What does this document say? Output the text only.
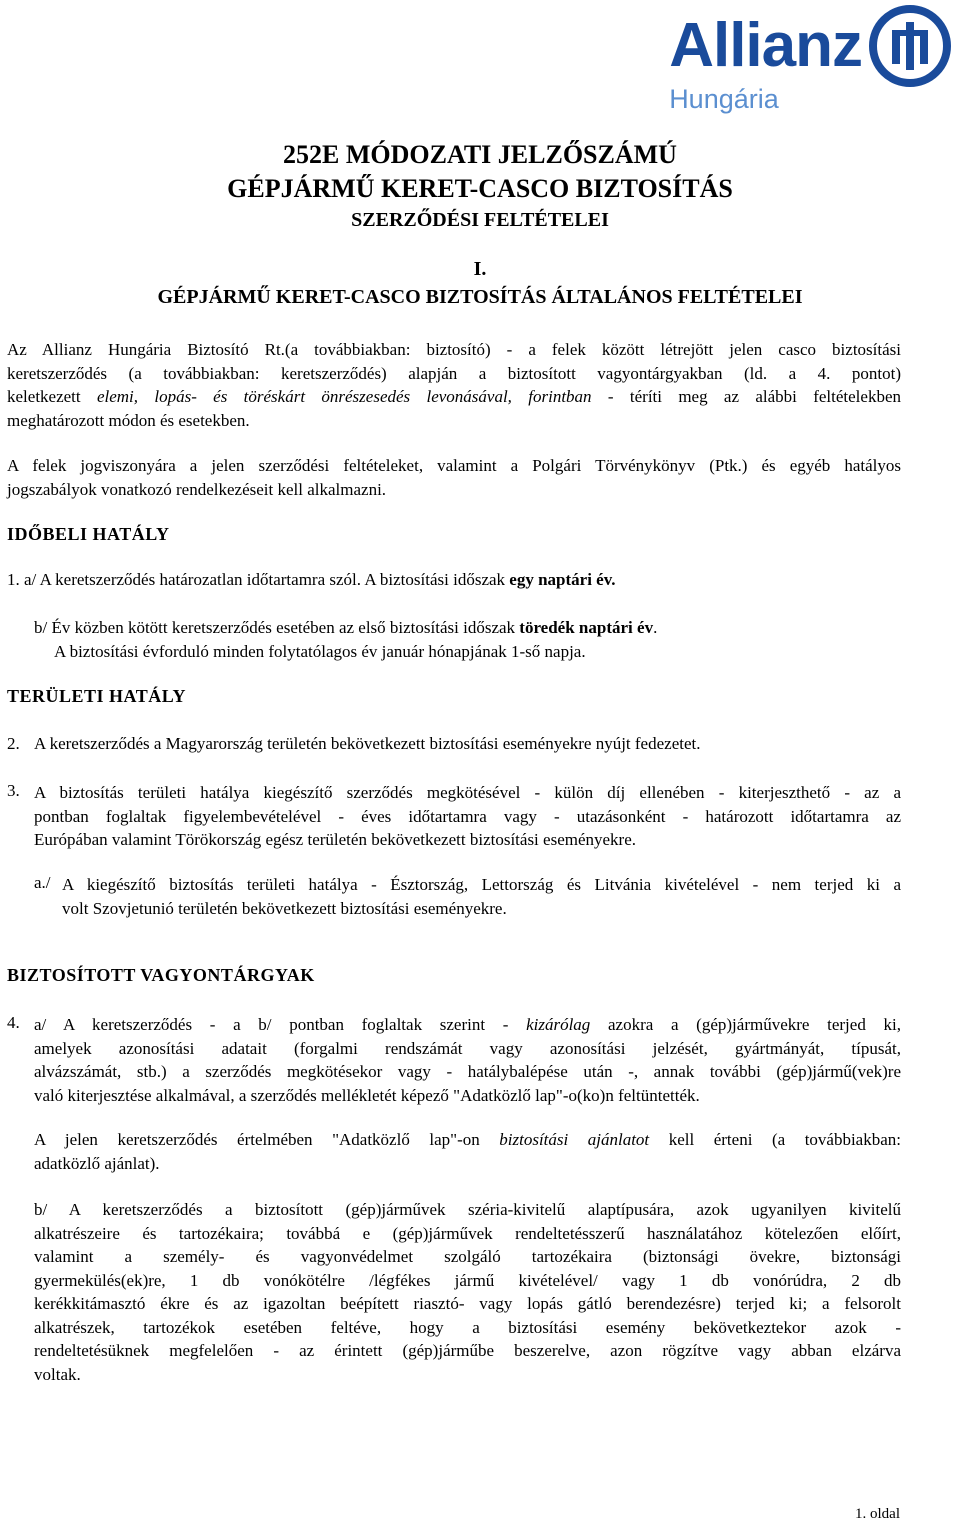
Allianz
Hungária
252E MÓDOZATI JELZŐSZÁMÚ
GÉPJÁRMŰ KERET-CASCO BIZTOSÍTÁS
SZERZŐDÉSI FELTÉTELEI
I.
GÉPJÁRMŰ KERET-CASCO BIZTOSÍTÁS ÁLTALÁNOS FELTÉTELEI
Az Allianz Hungária Biztosító Rt.(a továbbiakban: biztosító) - a felek között létrejött jelen casco biztosítási
keretszerződés (a továbbiakban: keretszerződés) alapján a biztosított vagyontárgyakban (ld. a 4. pontot)
keletkezett elemi, lopás- és töréskárt önrészesedés levonásával, forintban - téríti meg az alábbi feltételekben
meghatározott módon és esetekben.
A felek jogviszonyára a jelen szerződési feltételeket, valamint a Polgári Törvénykönyv (Ptk.) és egyéb hatályos
jogszabályok vonatkozó rendelkezéseit kell alkalmazni.
IDŐBELI HATÁLY
1. a/ A keretszerződés határozatlan időtartamra szól. A biztosítási időszak egy naptári év.
b/ Év közben kötött keretszerződés esetében az első biztosítási időszak töredék naptári év.
A biztosítási évforduló minden folytatólagos év január hónapjának 1-ső napja.
TERÜLETI HATÁLY
2. A keretszerződés a Magyarország területén bekövetkezett biztosítási eseményekre nyújt fedezetet.
3. A biztosítás területi hatálya kiegészítő szerződés megkötésével - külön díj ellenében - kiterjeszthető - az a
pontban foglaltak figyelembevételével - éves időtartamra vagy - utazásonként - határozott időtartamra az
Európában valamint Törökország egész területén bekövetkezett biztosítási eseményekre.
a./ A kiegészítő biztosítás területi hatálya - Észtország, Lettország és Litvánia kivételével - nem terjed ki a
volt Szovjetunió területén bekövetkezett biztosítási eseményekre.
BIZTOSÍTOTT VAGYONTÁRGYAK
4. a/ A keretszerződés - a b/ pontban foglaltak szerint - kizárólag azokra a (gép)járművekre terjed ki,
amelyek azonosítási adatait (forgalmi rendszámát vagy azonosítási jelzését, gyártmányát, típusát,
alvázszámát, stb.) a szerződés megkötésekor vagy - hatálybalépése után -, annak további (gép)jármű(vek)re
való kiterjesztése alkalmával, a szerződés mellékletét képező "Adatközlő lap"-o(ko)n feltüntették.
A jelen keretszerződés értelmében "Adatközlő lap"-on biztosítási ajánlatot kell érteni (a továbbiakban:
adatközlő ajánlat).
b/ A keretszerződés a biztosított (gép)járművek széria-kivitelű alaptípusára, azok ugyanilyen kivitelű
alkatrészeire és tartozékaira; továbbá e (gép)járművek rendeltetésszerű használatához kötelezően előírt,
valamint a személy- és vagyonvédelmet szolgáló tartozékaira (biztonsági övekre, biztonsági
gyermekülés(ek)re, 1 db vonókötélre /légfékes jármű kivételével/ vagy 1 db vonórúdra, 2 db
kerékkitámasztó ékre és az igazoltan beépített riasztó- vagy lopás gátló berendezésre) terjed ki; a felsorolt
alkatrészek, tartozékok esetében feltéve, hogy a biztosítási esemény bekövetkeztekor azok -
rendeltetésüknek megfelelően - az érintett (gép)járműbe beszerelve, azon rögzítve vagy abban elzárva
voltak.
1. oldal
